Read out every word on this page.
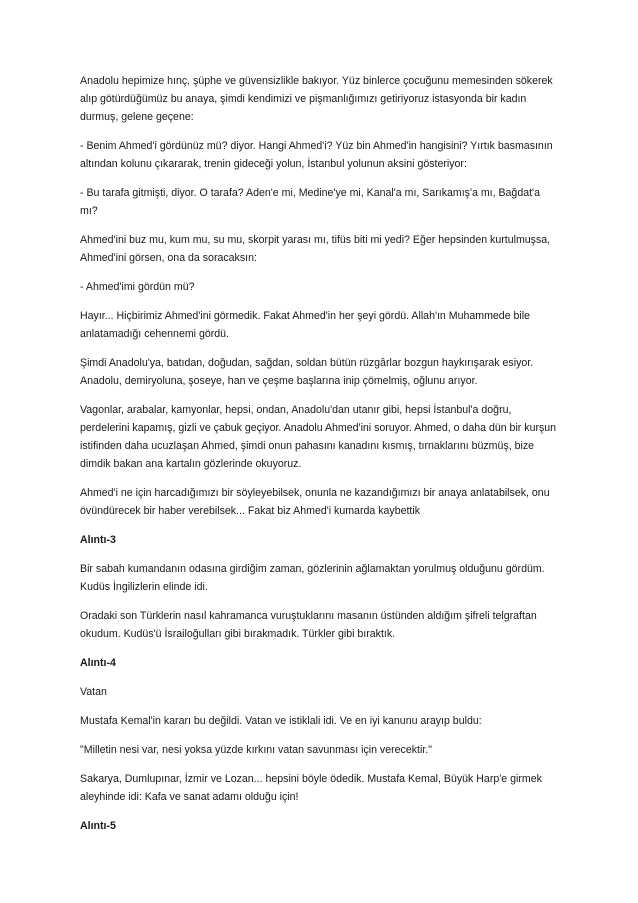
Anadolu hepimize hınç, şüphe ve güvensizlikle bakıyor. Yüz binlerce çocuğunu memesinden sökerek alıp götürdüğümüz bu anaya, şimdi kendimizi ve pişmanlığımızı getiriyoruz istasyonda bir kadın durmuş, gelene geçene:

- Benim Ahmed'i gördünüz mü? diyor. Hangi Ahmed'i? Yüz bin Ahmed'in hangisini? Yırtık basmasının altından kolunu çıkararak, trenin gideceği yolun, İstanbul yolunun aksini gösteriyor:

- Bu tarafa gitmişti, diyor. O tarafa? Aden'e mi, Medine'ye mi, Kanal'a mı, Sarıkamış'a mı, Bağdat'a mı?

Ahmed'ini buz mu, kum mu, su mu, skorpit yarası mı, tifüs biti mi yedi? Eğer hepsinden kurtulmuşsa, Ahmed'ini görsen, ona da soracaksın:

- Ahmed'imi gördün mü?

Hayır... Hiçbirimiz Ahmed'ini görmedik. Fakat Ahmed'in her şeyi gördü. Allah'ın Muhammede bile anlatamadığı cehennemi gördü.

Şimdi Anadolu'ya, batıdan, doğudan, sağdan, soldan bütün rüzgârlar bozgun haykırışarak esiyor. Anadolu, demiryoluna, şoseye, han ve çeşme başlarına inip çömelmiş, oğlunu arıyor.

Vagonlar, arabalar, kamyonlar, hepsi, ondan, Anadolu'dan utanır gibi, hepsi İstanbul'a doğru, perdelerini kapamış, gizli ve çabuk geçiyor. Anadolu Ahmed'ini soruyor. Ahmed, o daha dün bir kurşun istifinden daha ucuzlaşan Ahmed, şimdi onun pahasını kanadını kısmış, tırnaklarını büzmüş, bize dimdik bakan ana kartalın gözlerinde okuyoruz.

Ahmed'i ne için harcadığımızı bir söyleyebilsek, onunla ne kazandığımızı bir anaya anlatabilsek, onu övündürecek bir haber verebilsek... Fakat biz Ahmed'i kumarda kaybettik

Alıntı-3

Bir sabah kumandanın odasına girdiğim zaman, gözlerinin ağlamaktan yorulmuş olduğunu gördüm. Kudüs İngilizlerin elinde idi.

Oradaki son Türklerin nasıl kahramanca vuruştuklarını masanın üstünden aldığım şifreli telgraftan okudum. Kudüs'ü İsrailoğulları gibi bırakmadık. Türkler gibi bıraktık.

Alıntı-4

Vatan

Mustafa Kemal'in kararı bu değildi. Vatan ve istiklali idi. Ve en iyi kanunu arayıp buldu:

"Milletin nesi var, nesi yoksa yüzde kırkını vatan savunması için verecektir."

Sakarya, Dumlupınar, İzmir ve Lozan... hepsini böyle ödedik. Mustafa Kemal, Büyük Harp'e girmek aleyhinde idi: Kafa ve sanat adamı olduğu için!

Alıntı-5
